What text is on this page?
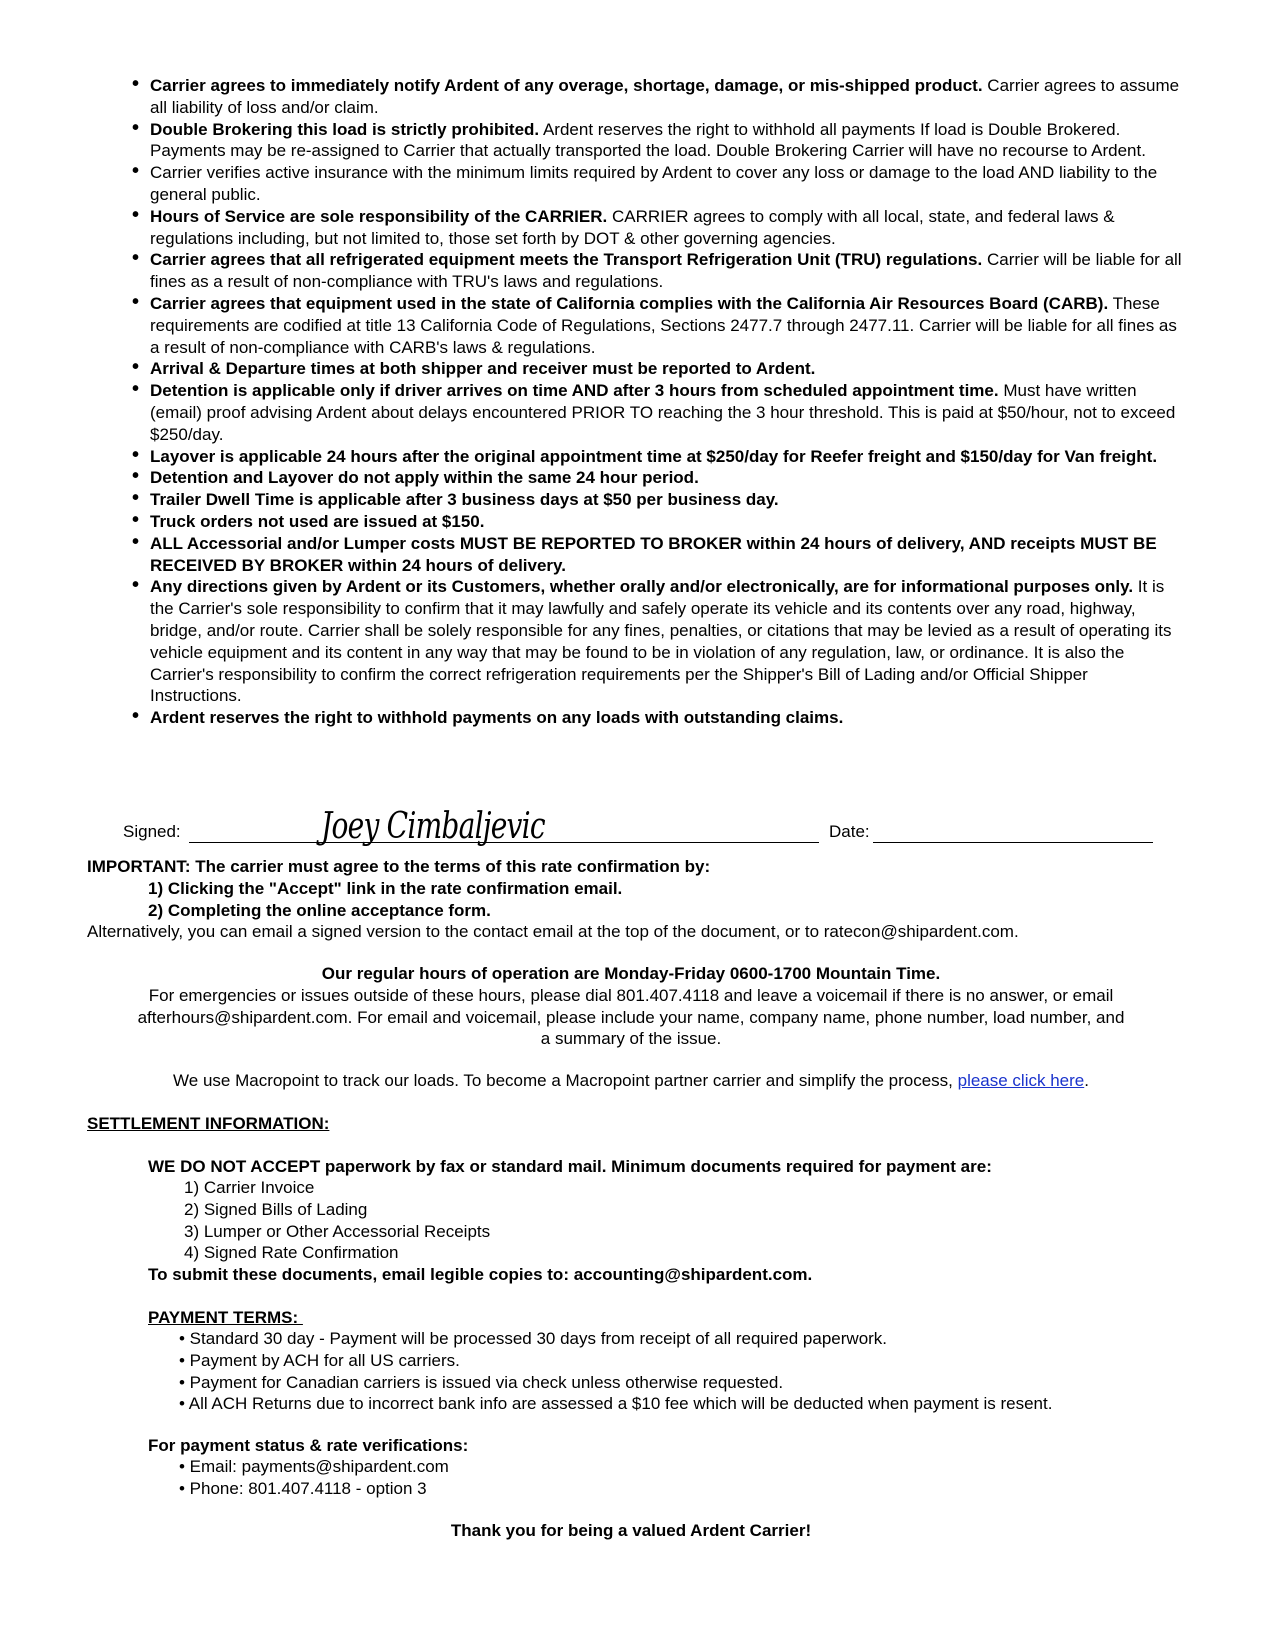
• Carrier agrees to immediately notify Ardent of any overage, shortage, damage, or mis-shipped product. Carrier agrees to assume all liability of loss and/or claim.
• Double Brokering this load is strictly prohibited. Ardent reserves the right to withhold all payments If load is Double Brokered. Payments may be re-assigned to Carrier that actually transported the load. Double Brokering Carrier will have no recourse to Ardent.
• Carrier verifies active insurance with the minimum limits required by Ardent to cover any loss or damage to the load AND liability to the general public.
• Hours of Service are sole responsibility of the CARRIER. CARRIER agrees to comply with all local, state, and federal laws & regulations including, but not limited to, those set forth by DOT & other governing agencies.
• Carrier agrees that all refrigerated equipment meets the Transport Refrigeration Unit (TRU) regulations. Carrier will be liable for all fines as a result of non-compliance with TRU's laws and regulations.
• Carrier agrees that equipment used in the state of California complies with the California Air Resources Board (CARB). These requirements are codified at title 13 California Code of Regulations, Sections 2477.7 through 2477.11. Carrier will be liable for all fines as a result of non-compliance with CARB's laws & regulations.
• Arrival & Departure times at both shipper and receiver must be reported to Ardent.
• Detention is applicable only if driver arrives on time AND after 3 hours from scheduled appointment time. Must have written (email) proof advising Ardent about delays encountered PRIOR TO reaching the 3 hour threshold. This is paid at $50/hour, not to exceed $250/day.
• Layover is applicable 24 hours after the original appointment time at $250/day for Reefer freight and $150/day for Van freight.
• Detention and Layover do not apply within the same 24 hour period.
• Trailer Dwell Time is applicable after 3 business days at $50 per business day.
• Truck orders not used are issued at $150.
• ALL Accessorial and/or Lumper costs MUST BE REPORTED TO BROKER within 24 hours of delivery, AND receipts MUST BE RECEIVED BY BROKER within 24 hours of delivery.
• Any directions given by Ardent or its Customers, whether orally and/or electronically, are for informational purposes only. It is the Carrier's sole responsibility to confirm that it may lawfully and safely operate its vehicle and its contents over any road, highway, bridge, and/or route. Carrier shall be solely responsible for any fines, penalties, or citations that may be levied as a result of operating its vehicle equipment and its content in any way that may be found to be in violation of any regulation, law, or ordinance. It is also the Carrier's responsibility to confirm the correct refrigeration requirements per the Shipper's Bill of Lading and/or Official Shipper Instructions.
• Ardent reserves the right to withhold payments on any loads with outstanding claims.
Signed:	Joey Cimbaljevic	Date:
IMPORTANT: The carrier must agree to the terms of this rate confirmation by:
1) Clicking the "Accept" link in the rate confirmation email.
2) Completing the online acceptance form.
Alternatively, you can email a signed version to the contact email at the top of the document, or to ratecon@shipardent.com.
Our regular hours of operation are Monday-Friday 0600-1700 Mountain Time.
For emergencies or issues outside of these hours, please dial 801.407.4118 and leave a voicemail if there is no answer, or email
afterhours@shipardent.com. For email and voicemail, please include your name, company name, phone number, load number, and
a summary of the issue.
We use Macropoint to track our loads. To become a Macropoint partner carrier and simplify the process, please click here.
SETTLEMENT INFORMATION:
WE DO NOT ACCEPT paperwork by fax or standard mail. Minimum documents required for payment are:
1) Carrier Invoice
2) Signed Bills of Lading
3) Lumper or Other Accessorial Receipts
4) Signed Rate Confirmation
To submit these documents, email legible copies to: accounting@shipardent.com.
PAYMENT TERMS:
• Standard 30 day - Payment will be processed 30 days from receipt of all required paperwork.
• Payment by ACH for all US carriers.
• Payment for Canadian carriers is issued via check unless otherwise requested.
• All ACH Returns due to incorrect bank info are assessed a $10 fee which will be deducted when payment is resent.
For payment status & rate verifications:
• Email: payments@shipardent.com
• Phone: 801.407.4118 - option 3
Thank you for being a valued Ardent Carrier!
